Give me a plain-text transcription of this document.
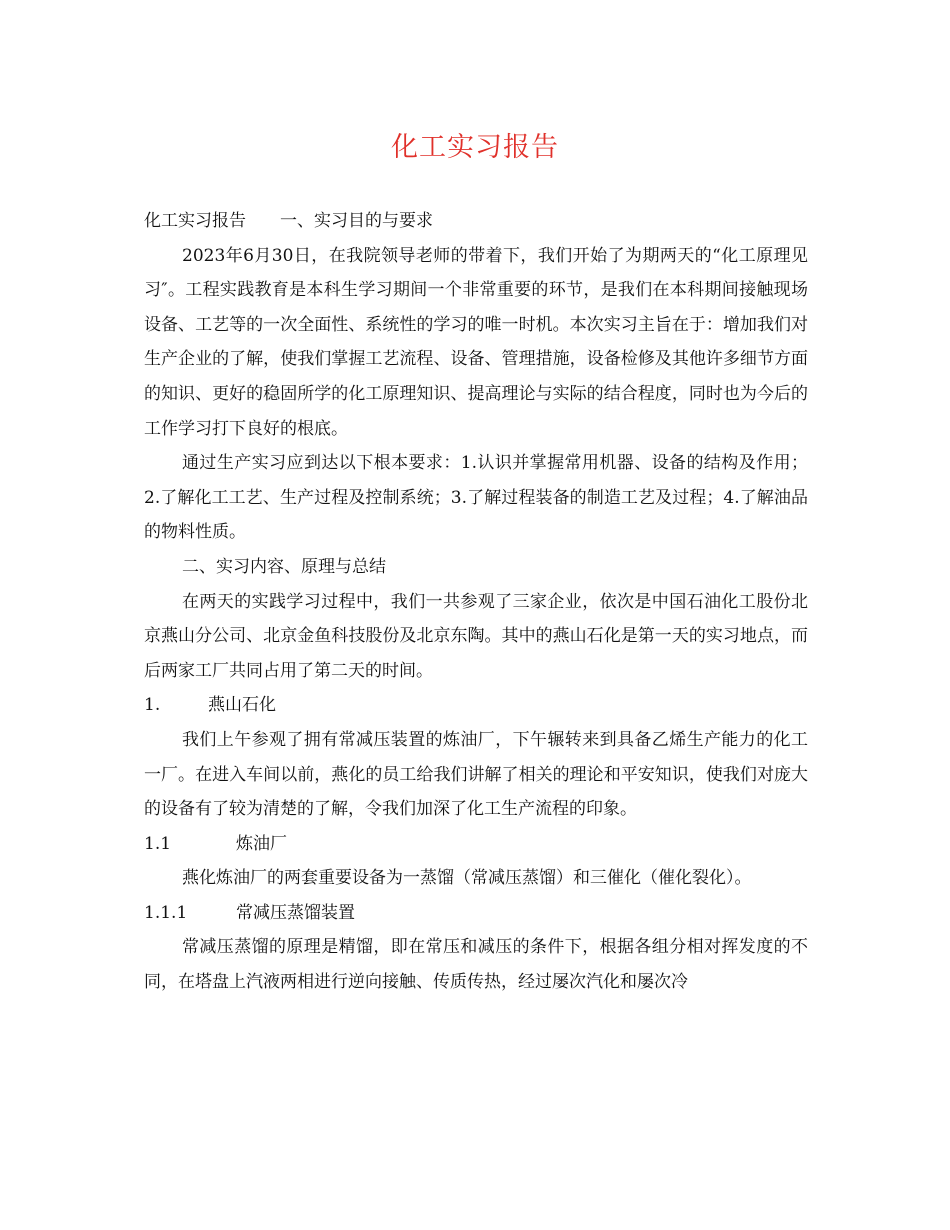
化工实习报告

化工实习报告 一、实习目的与要求

2023年6月30日，在我院领导老师的带着下，我们开始了为期两天的“化工原理见习″。工程实践教育是本科生学习期间一个非常重要的环节，是我们在本科期间接触现场设备、工艺等的一次全面性、系统性的学习的唯一时机。本次实习主旨在于：增加我们对生产企业的了解，使我们掌握工艺流程、设备、管理措施，设备检修及其他许多细节方面的知识、更好的稳固所学的化工原理知识、提高理论与实际的结合程度，同时也为今后的工作学习打下良好的根底。

通过生产实习应到达以下根本要求：1.认识并掌握常用机器、设备的结构及作用；2.了解化工工艺、生产过程及控制系统；3.了解过程装备的制造工艺及过程；4.了解油品的物料性质。

二、实习内容、原理与总结

在两天的实践学习过程中，我们一共参观了三家企业，依次是中国石油化工股份北京燕山分公司、北京金鱼科技股份及北京东陶。其中的燕山石化是第一天的实习地点，而后两家工厂共同占用了第二天的时间。

1.	燕山石化

我们上午参观了拥有常减压装置的炼油厂，下午辗转来到具备乙烯生产能力的化工一厂。在进入车间以前，燕化的员工给我们讲解了相关的理论和平安知识，使我们对庞大的设备有了较为清楚的了解，令我们加深了化工生产流程的印象。

1.1	炼油厂

燕化炼油厂的两套重要设备为一蒸馏（常减压蒸馏）和三催化（催化裂化）。

1.1.1	常减压蒸馏装置

常减压蒸馏的原理是精馏，即在常压和减压的条件下，根据各组分相对挥发度的不同，在塔盘上汽液两相进行逆向接触、传质传热，经过屡次汽化和屡次冷
